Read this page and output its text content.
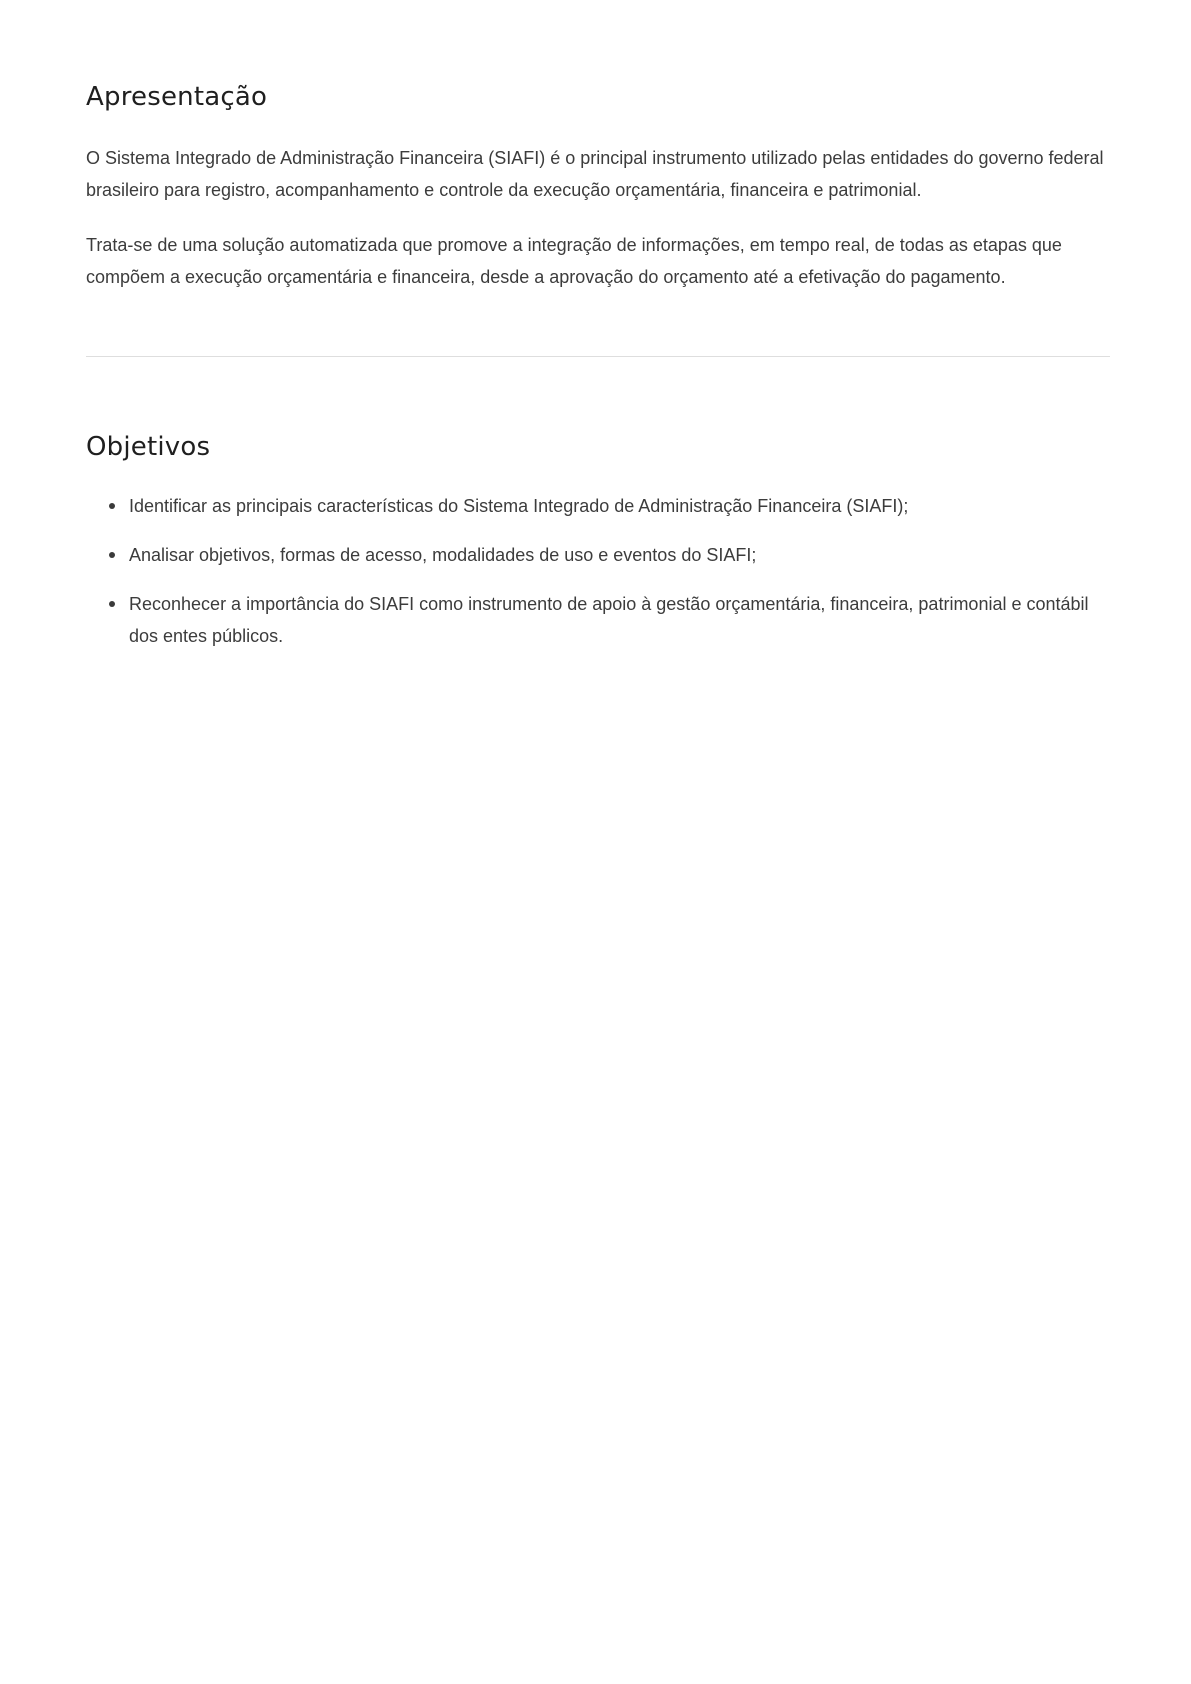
Apresentação

O Sistema Integrado de Administração Financeira (SIAFI) é o principal instrumento utilizado pelas entidades do governo federal brasileiro para registro, acompanhamento e controle da execução orçamentária, financeira e patrimonial.

Trata-se de uma solução automatizada que promove a integração de informações, em tempo real, de todas as etapas que compõem a execução orçamentária e financeira, desde a aprovação do orçamento até a efetivação do pagamento.

Objetivos
Identificar as principais características do Sistema Integrado de Administração Financeira (SIAFI);
Analisar objetivos, formas de acesso, modalidades de uso e eventos do SIAFI;
Reconhecer a importância do SIAFI como instrumento de apoio à gestão orçamentária, financeira, patrimonial e contábil dos entes públicos.
